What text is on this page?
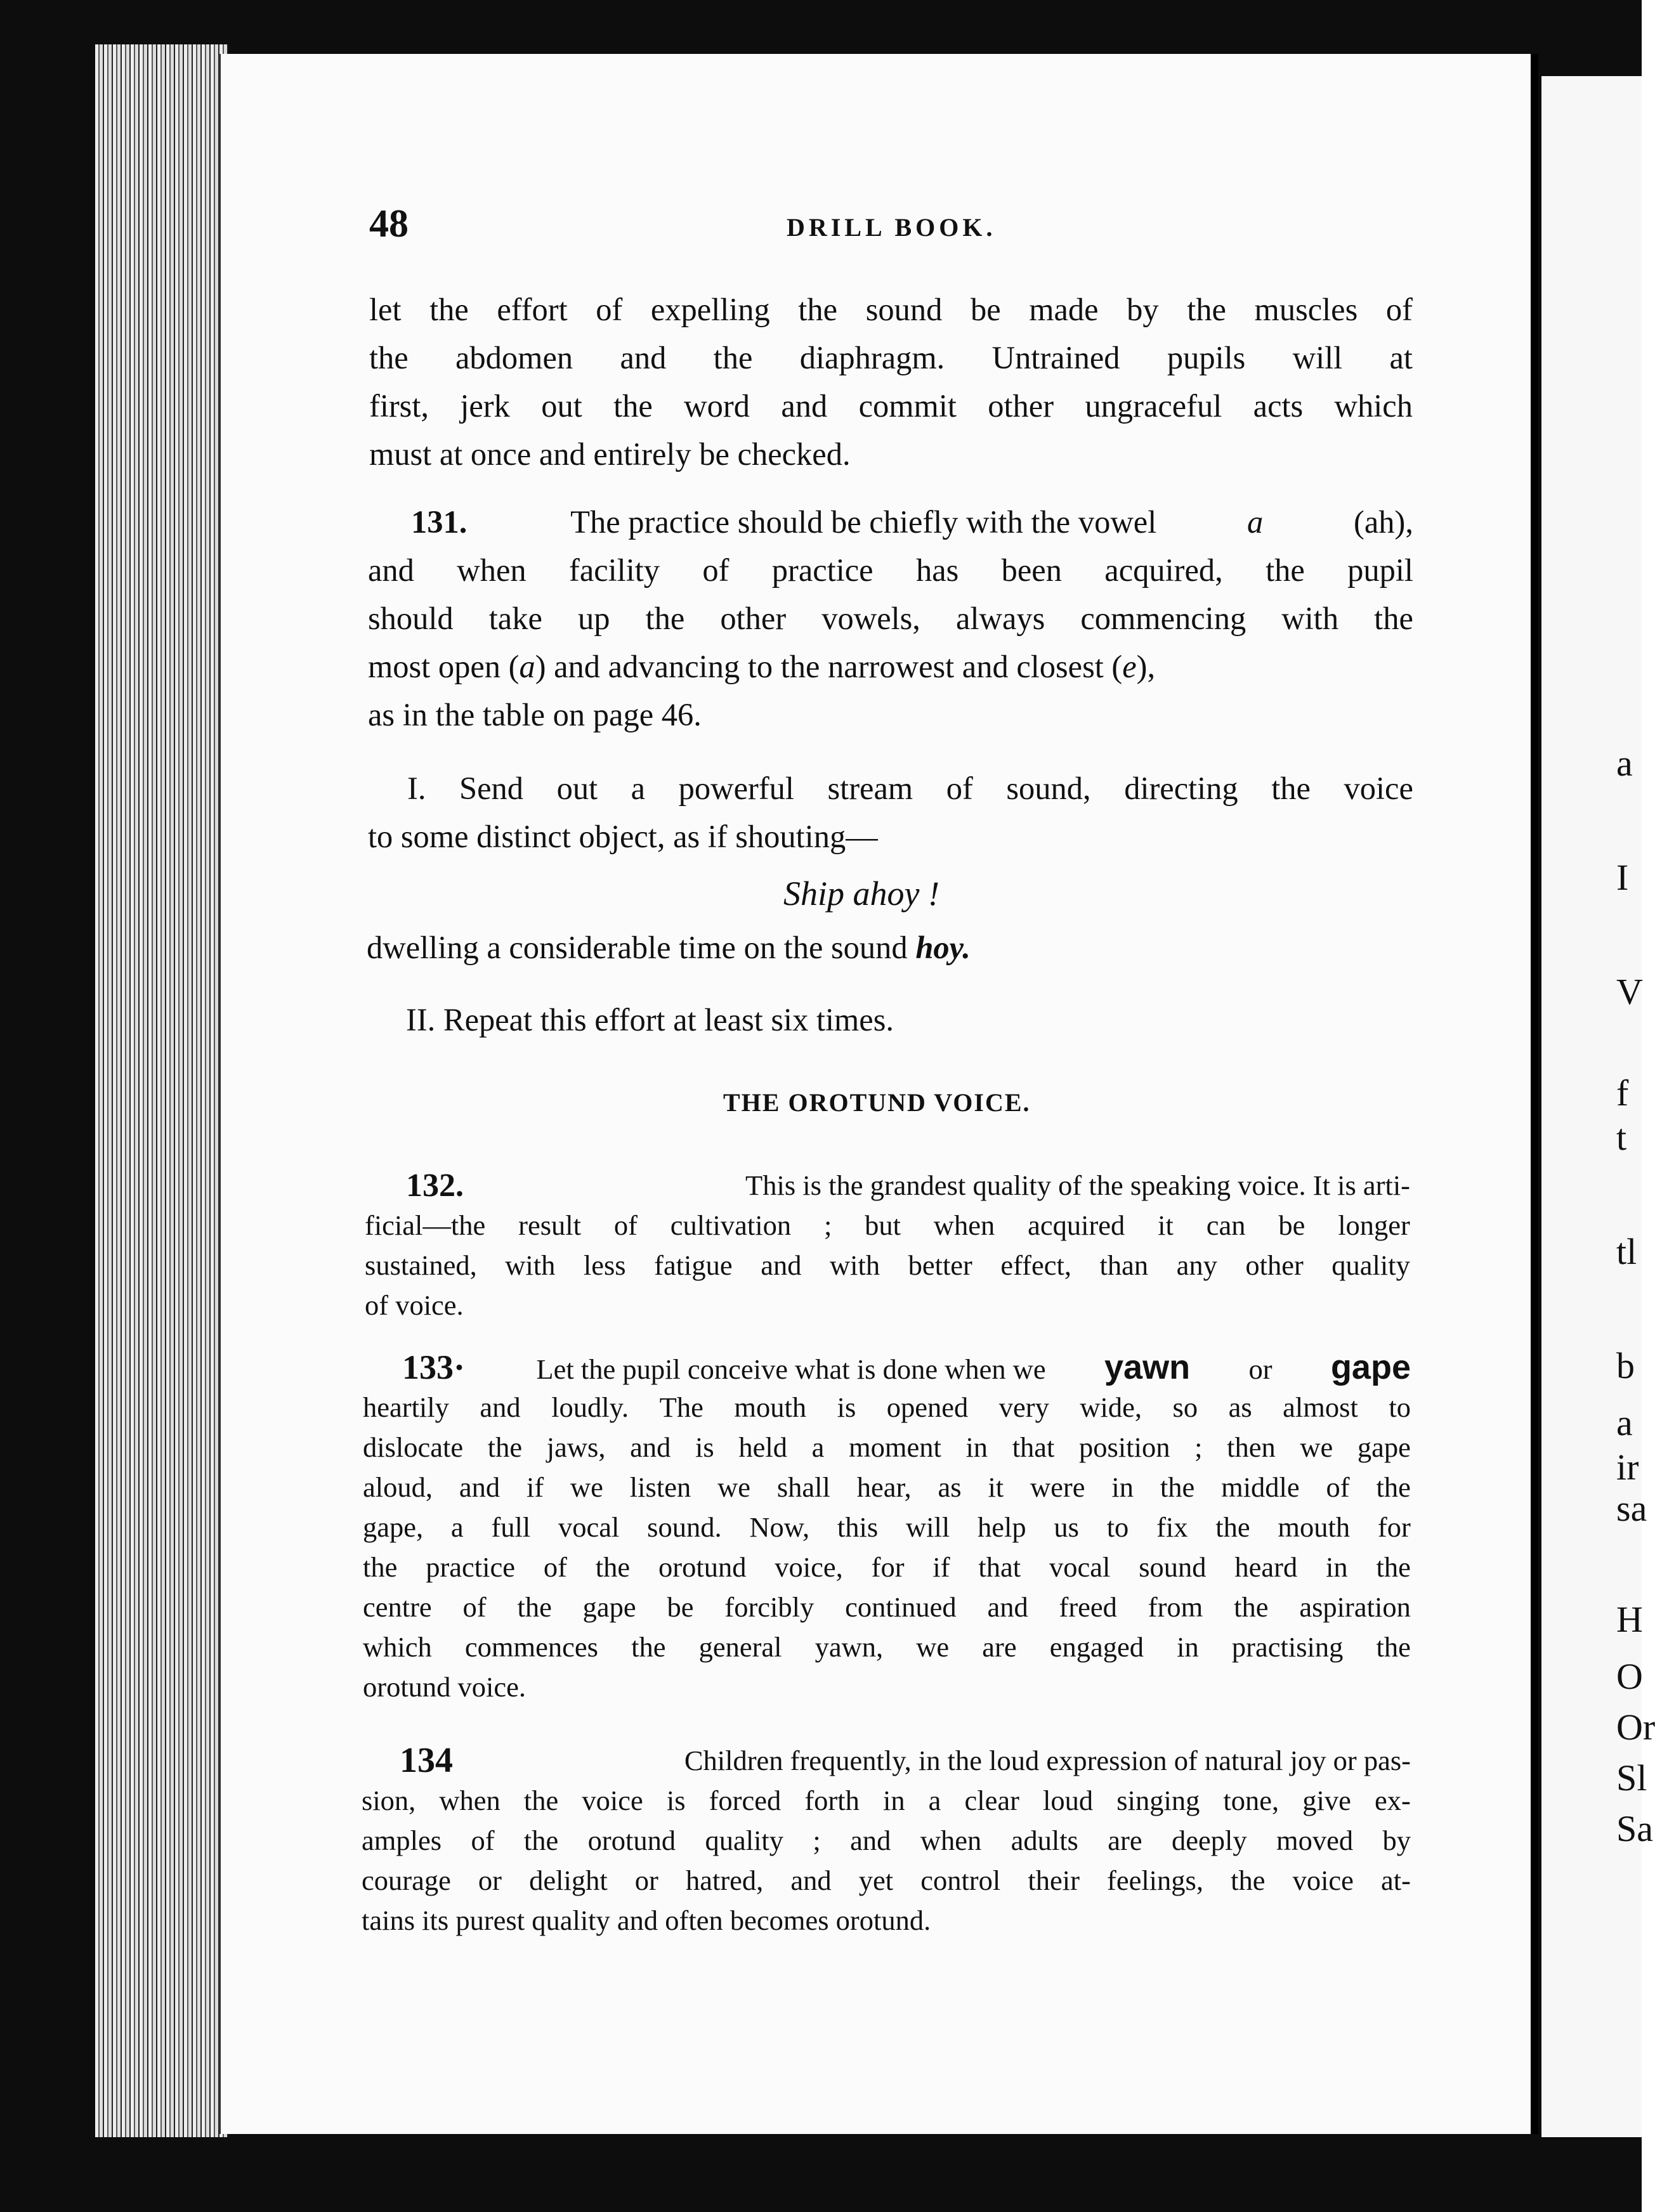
a
I
V
f
t
tl
b
a
ir
sa
H
O
Or
Sl
Sa
48	DRILL BOOK.
let the effort of expelling the sound be made by the muscles of
the abdomen and the diaphragm. Untrained pupils will at
first, jerk out the word and commit other ungraceful acts which
must at once and entirely be checked.
131.	The practice should be chiefly with the vowel	a	(ah),
and when facility of practice has been acquired, the pupil
should take up the other vowels, always commencing with the
most open (a) and advancing to the narrowest and closest (e),
as in the table on page 46.
I. Send out a powerful stream of sound, directing the voice
to some distinct object, as if shouting—
Ship ahoy !
dwelling a considerable time on the sound
hoy.
II. Repeat this effort at least six times.
THE OROTUND VOICE.
132.	This is the grandest quality of the speaking voice. It is arti-
ficial—the result of cultivation ; but when acquired it can be longer
sustained, with less fatigue and with better effect, than any other quality
of voice.
133·	Let the pupil conceive what is done when we yawn or gape
heartily and loudly. The mouth is opened very wide, so as almost to
dislocate the jaws, and is held a moment in that position ; then we gape
aloud, and if we listen we shall hear, as it were in the middle of the
gape, a full vocal sound. Now, this will help us to fix the mouth for
the practice of the orotund voice, for if that vocal sound heard in the
centre of the gape be forcibly continued and freed from the aspiration
which commences the general yawn, we are engaged in practising the
orotund voice.
134	Children frequently, in the loud expression of natural joy or pas-
sion, when the voice is forced forth in a clear loud singing tone, give ex-
amples of the orotund quality ; and when adults are deeply moved by
courage or delight or hatred, and yet control their feelings, the voice at-
tains its purest quality and often becomes orotund.
